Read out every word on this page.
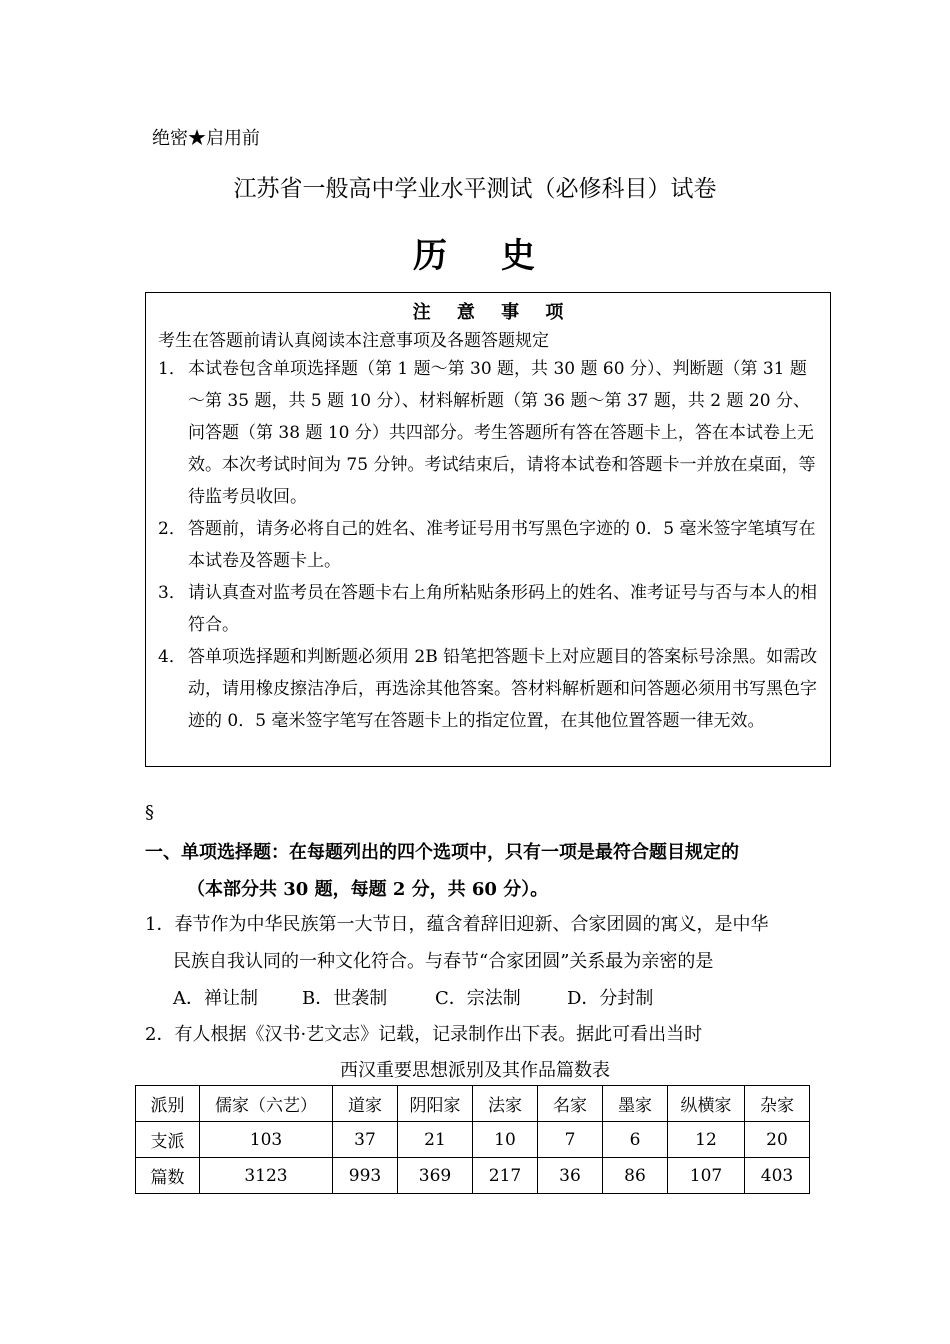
绝密★启用前
江苏省一般高中学业水平测试（必修科目）试卷
历 史
注 意 事 项
考生在答题前请认真阅读本注意事项及各题答题规定
1． 本试卷包含单项选择题（第 1 题～第 30 题，共 30 题 60 分）、判断题（第 31 题～第 35 题，共 5 题 10 分）、材料解析题（第 36 题～第 37 题，共 2 题 20 分、问答题（第 38 题 10 分）共四部分。考生答题所有答在答题卡上，答在本试卷上无效。本次考试时间为 75 分钟。考试结束后，请将本试卷和答题卡一并放在桌面，等待监考员收回。
2． 答题前，请务必将自己的姓名、准考证号用书写黑色字迹的 0．5 毫米签字笔填写在本试卷及答题卡上。
3． 请认真查对监考员在答题卡右上角所粘贴条形码上的姓名、准考证号与否与本人的相符合。
4． 答单项选择题和判断题必须用 2B 铅笔把答题卡上对应题目的答案标号涂黑。如需改动，请用橡皮擦洁净后，再选涂其他答案。答材料解析题和问答题必须用书写黑色字迹的 0．5 毫米签字笔写在答题卡上的指定位置，在其他位置答题一律无效。
§
一、单项选择题：在每题列出的四个选项中，只有一项是最符合题目规定的
（本部分共 30 题，每题 2 分，共 60 分）。
1．春节作为中华民族第一大节日，蕴含着辞旧迎新、合家团圆的寓义，是中华
民族自我认同的一种文化符合。与春节“合家团圆”关系最为亲密的是
A．禅让制 B．世袭制	C．宗法制	D．分封制
2．有人根据《汉书·艺文志》记载，记录制作出下表。据此可看出当时
西汉重要思想派别及其作品篇数表
派别	儒家（六艺）	道家	阴阳家	法家	名家	墨家	纵横家	杂家
支派	103	37	21	10	7	6	12	20
篇数	3123	993	369	217	36	86	107	403
